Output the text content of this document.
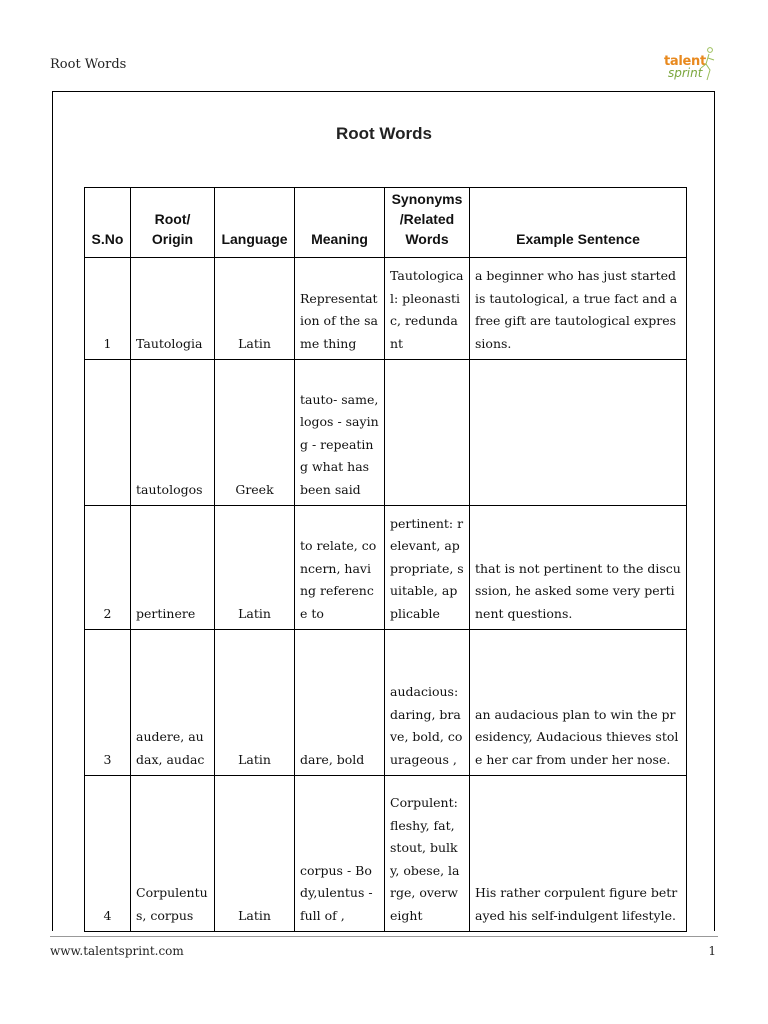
Root Words	talent
sprint
Root Words
S.No	Root/ Origin	Language	Meaning	Synonyms /Related Words	Example Sentence
1	Tautologia	Latin	Representation of the same thing	Tautological: pleonastic, redundant	a beginner who has just started is tautological, a true fact and a free gift are tautological expressions.
	tautologos	Greek	tauto- same, logos - saying - repeating what has been said		
2	pertinere	Latin	to relate, concern, having reference to	pertinent: relevant, appropriate, suitable, applicable	that is not pertinent to the discussion, he asked some very pertinent questions.
3	audere, audax, audac	Latin	dare, bold	audacious: daring, brave, bold, courageous ,	an audacious plan to win the presidency, Audacious thieves stole her car from under her nose.
4	Corpulentus, corpus	Latin	corpus - Body,ulentus - full of ,	Corpulent: fleshy, fat, stout, bulky, obese, large, overweight	His rather corpulent figure betrayed his self-indulgent lifestyle.
www.talentsprint.com	1
